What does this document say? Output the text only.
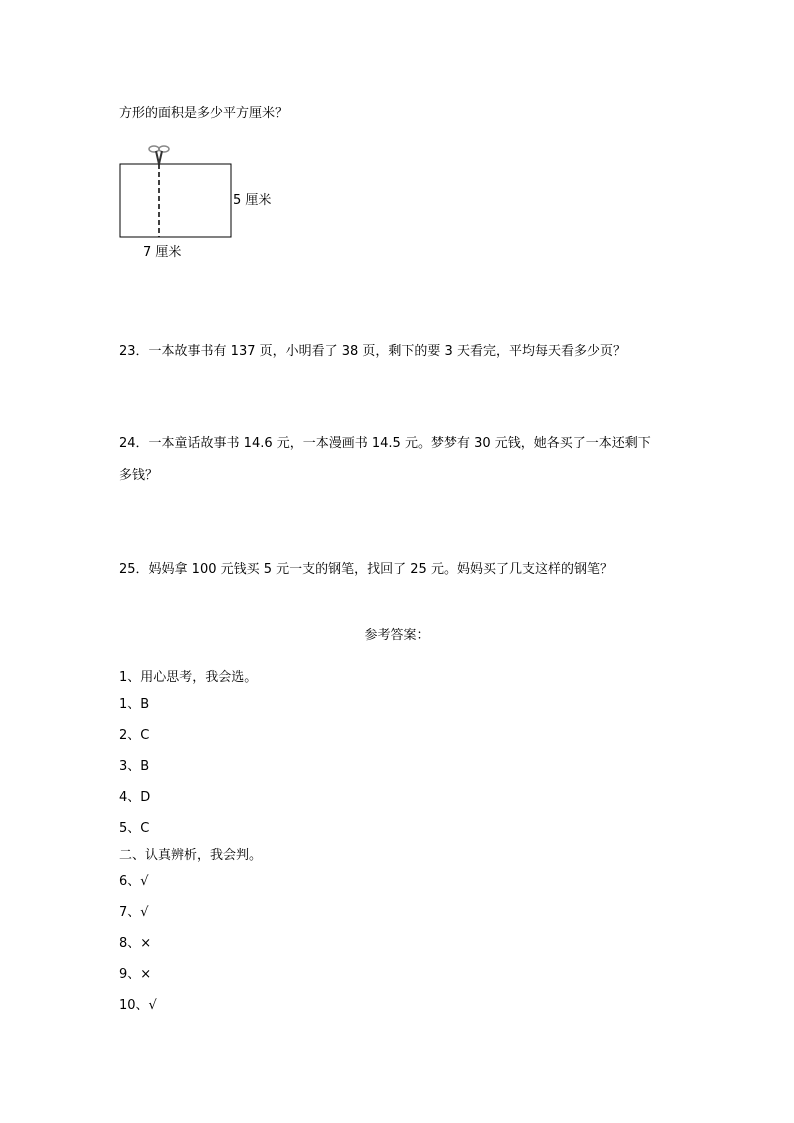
方形的面积是多少平方厘米？
5 厘米
7 厘米
23．一本故事书有 137 页，小明看了 38 页，剩下的要 3 天看完，平均每天看多少页？
24．一本童话故事书 14.6 元，一本漫画书 14.5 元。梦梦有 30 元钱，她各买了一本还剩下
多钱？
25．妈妈拿 100 元钱买 5 元一支的钢笔，找回了 25 元。妈妈买了几支这样的钢笔？
参考答案：
1、用心思考，我会选。
1、B
2、C
3、B
4、D
5、C
二、认真辨析，我会判。
6、√
7、√
8、×
9、×
10、√
